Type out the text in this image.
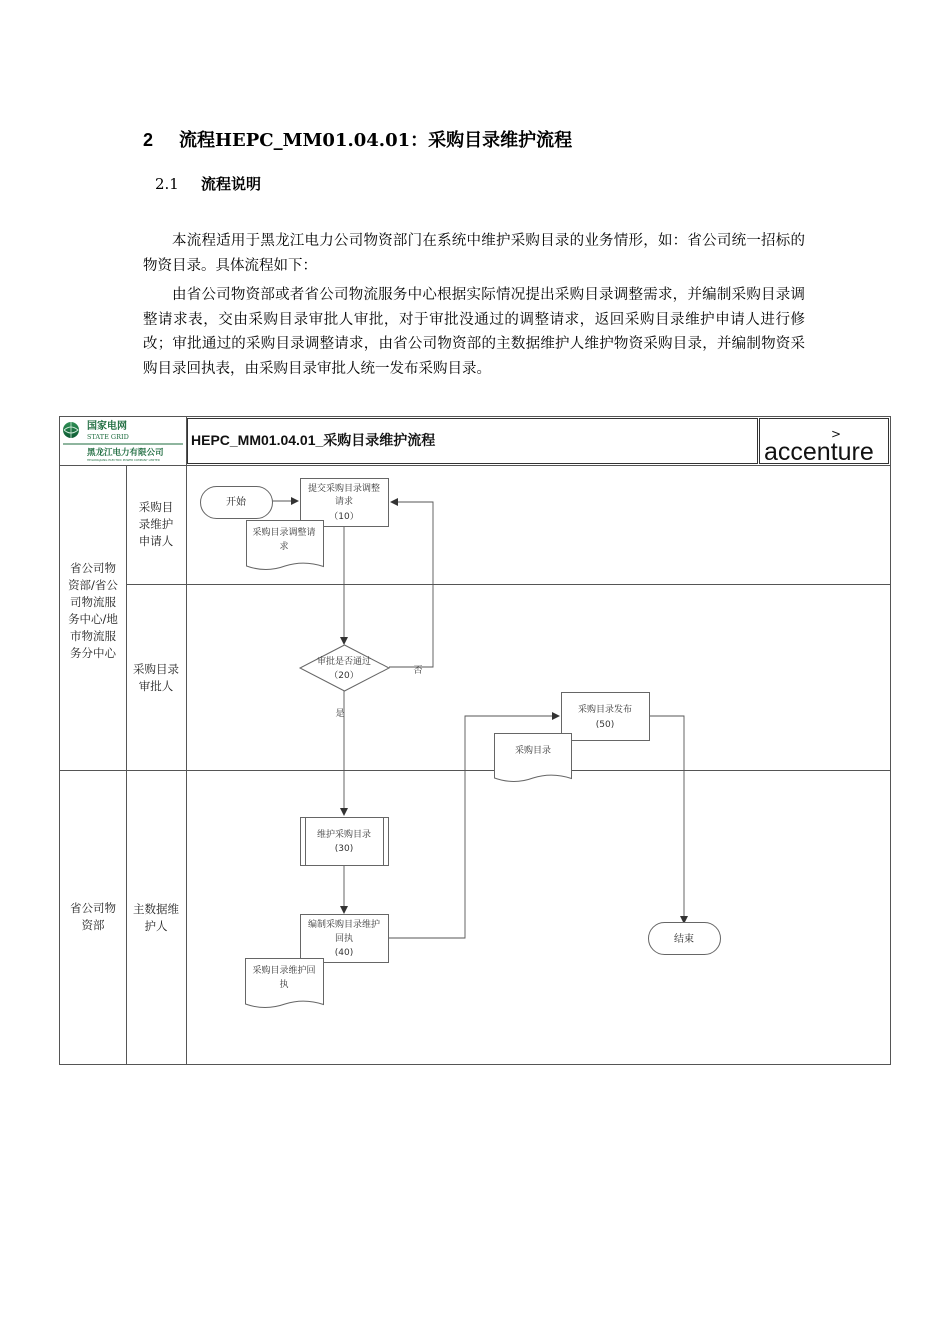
2 流程HEPC_MM01.04.01：采购目录维护流程
2.1 流程说明

本流程适用于黑龙江电力公司物资部门在系统中维护采购目录的业务情形，如：省公司统一招标的物资目录。具体流程如下：

由省公司物资部或者省公司物流服务中心根据实际情况提出采购目录调整需求，并编制采购目录调整请求表，交由采购目录审批人审批，对于审批没通过的调整请求，返回采购目录维护申请人进行修改；审批通过的采购目录调整请求，由省公司物资部的主数据维护人维护物资采购目录，并编制物资采购目录回执表，由采购目录审批人统一发布采购目录。

国家电网
STATE GRID
黑龙江电力有限公司
HEILONGJIANG ELECTRIC POWER COMPANY LIMITED
HEPC_MM01.04.01_采购目录维护流程	accenture
>
省公司物
资部/省公
司物流服
务中心/地
市物流服
务分中心
省公司物
资部
采购目
录维护
申请人
采购目录
审批人
主数据维
护人
开始
提交采购目录调整
请求
（10）
采购目录调整请
求
审批是否通过
（20）	否
是	采购目录发布
(50)
采购目录
维护采购目录
(30)
编制采购目录维护
回执
(40)
采购目录维护回
执
结束
